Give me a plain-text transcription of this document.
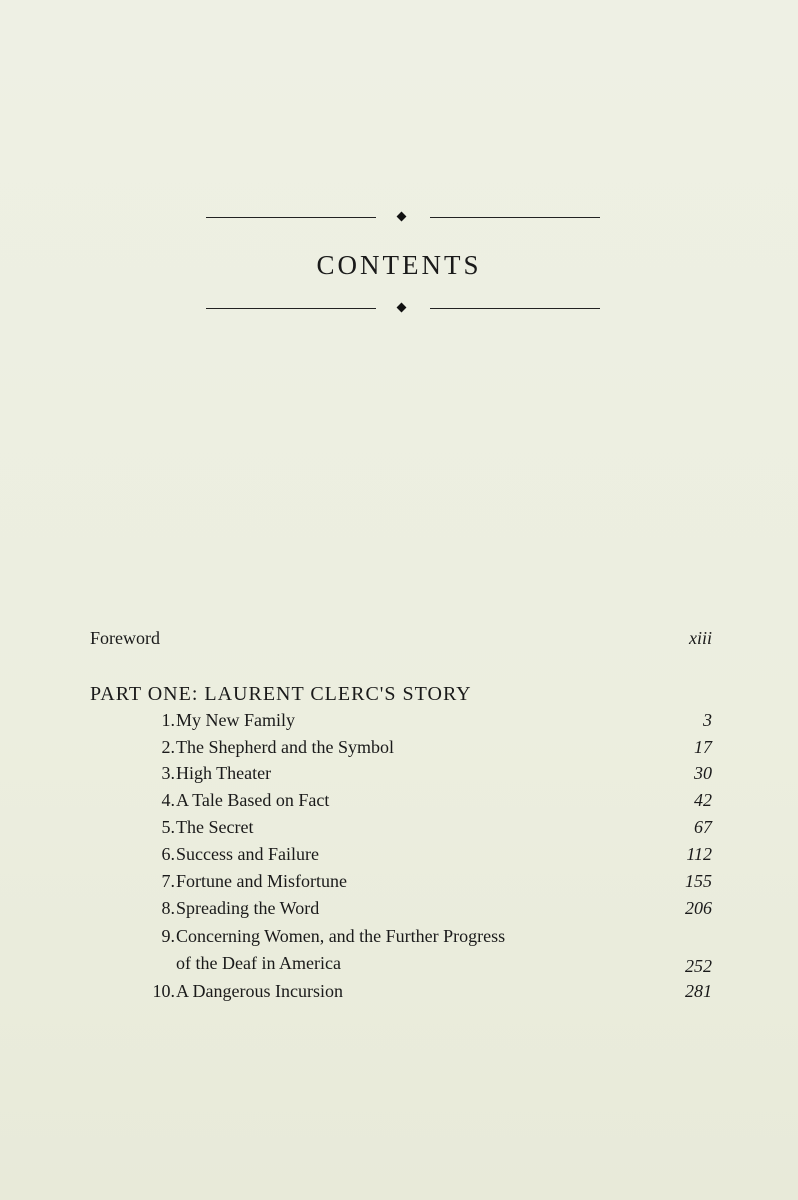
CONTENTS
Foreword	xiii
PART ONE: LAURENT CLERC'S STORY
1. My New Family	3
2. The Shepherd and the Symbol	17
3. High Theater	30
4. A Tale Based on Fact	42
5. The Secret	67
6. Success and Failure	112
7. Fortune and Misfortune	155
8. Spreading the Word	206
9. Concerning Women, and the Further Progress
of the Deaf in America	252
10. A Dangerous Incursion	281
